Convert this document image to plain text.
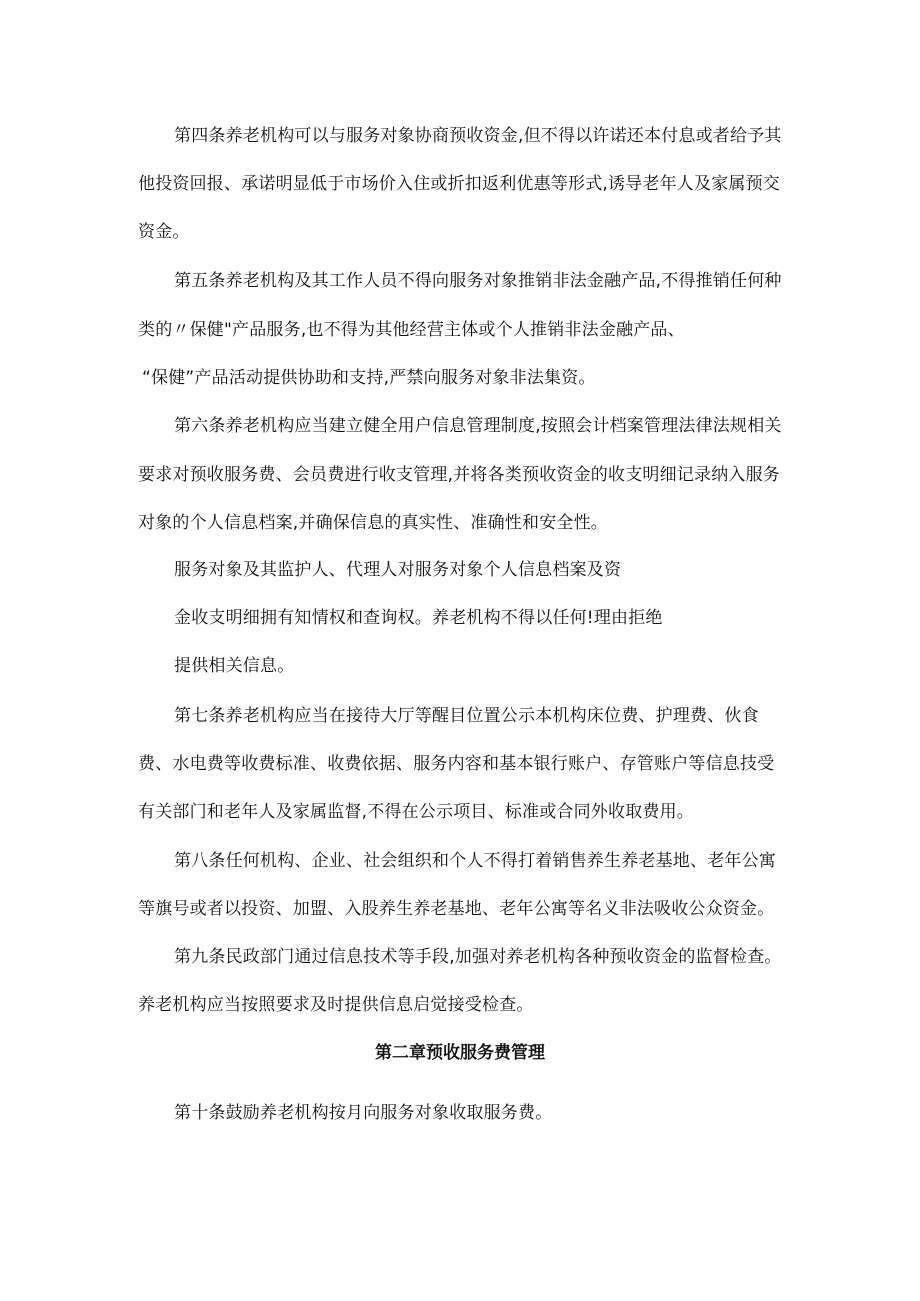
第四条养老机构可以与服务对象协商预收资金,但不得以许诺还本付息或者给予其
他投资回报、承诺明显低于市场价入住或折扣返利优惠等形式,诱导老年人及家属预交
资金。
第五条养老机构及其工作人员不得向服务对象推销非法金融产品,不得推销任何种
类的〃保健"产品服务,也不得为其他经营主体或个人推销非法金融产品、
“保健”产品活动提供协助和支持,严禁向服务对象非法集资。
第六条养老机构应当建立健全用户信息管理制度,按照会计档案管理法律法规相关
要求对预收服务费、会员费进行收支管理,并将各类预收资金的收支明细记录纳入服务
对象的个人信息档案,并确保信息的真实性、准确性和安全性。
服务对象及其监护人、代理人对服务对象个人信息档案及资
金收支明细拥有知情权和查询权。养老机构不得以任何!理由拒绝
提供相关信息。
第七条养老机构应当在接待大厅等醒目位置公示本机构床位费、护理费、伙食
费、水电费等收费标准、收费依据、服务内容和基本银行账户、存管账户等信息技受
有关部门和老年人及家属监督,不得在公示项目、标准或合同外收取费用。
第八条任何机构、企业、社会组织和个人不得打着销售养生养老基地、老年公寓
等旗号或者以投资、加盟、入股养生养老基地、老年公寓等名义非法吸收公众资金。
第九条民政部门通过信息技术等手段,加强对养老机构各种预收资金的监督检查。
养老机构应当按照要求及时提供信息启觉接受检查。
第二章预收服务费管理
第十条鼓励养老机构按月向服务对象收取服务费。
